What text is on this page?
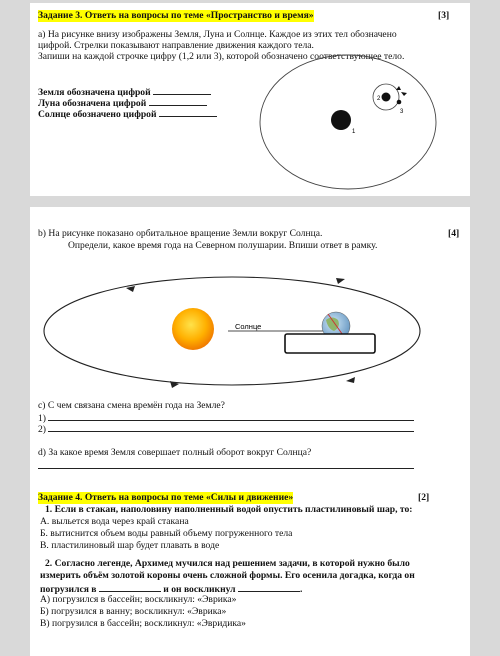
Задание 3. Ответь на вопросы по теме «Пространство и время»	[3]
а) На рисунке внизу изображены Земля, Луна и Солнце. Каждое из этих тел обозначено
цифрой. Стрелки показывают направление движения каждого тела.
Запиши на каждой строчке цифру (1,2 или 3), которой обозначено соответствующее тело.
Земля обозначена цифрой
Луна обозначена цифрой
Солнце обозначено цифрой
1
2
3
b) На рисунке показано орбитальное вращение Земли вокруг Солнца.	[4]
Определи, какое время года на Северном полушарии. Впиши ответ в рамку.
Солнце
c) С чем связана смена времён года на Земле?
1)
2)
d) За какое время Земля совершает полный оборот вокруг Солнца?
Задание 4. Ответь на вопросы по теме «Силы и движение»	[2]
1. Если в стакан, наполовину наполненный водой опустить пластилиновый шар, то:
А. выльется вода через край стакана
Б. вытиснится объем воды равный объему погруженного тела
В. пластилиновый шар будет плавать в воде
2. Согласно легенде, Архимед мучился над решением задачи, в которой нужно было
измерить объём золотой короны очень сложной формы. Его осенила догадка, когда он
погрузился в	и он воскликнул	.
А) погрузился в бассейн; воскликнул: «Эврика»
Б) погрузился в ванну; воскликнул: «Эврика»
В) погрузился в бассейн; воскликнул: «Эвридика»
